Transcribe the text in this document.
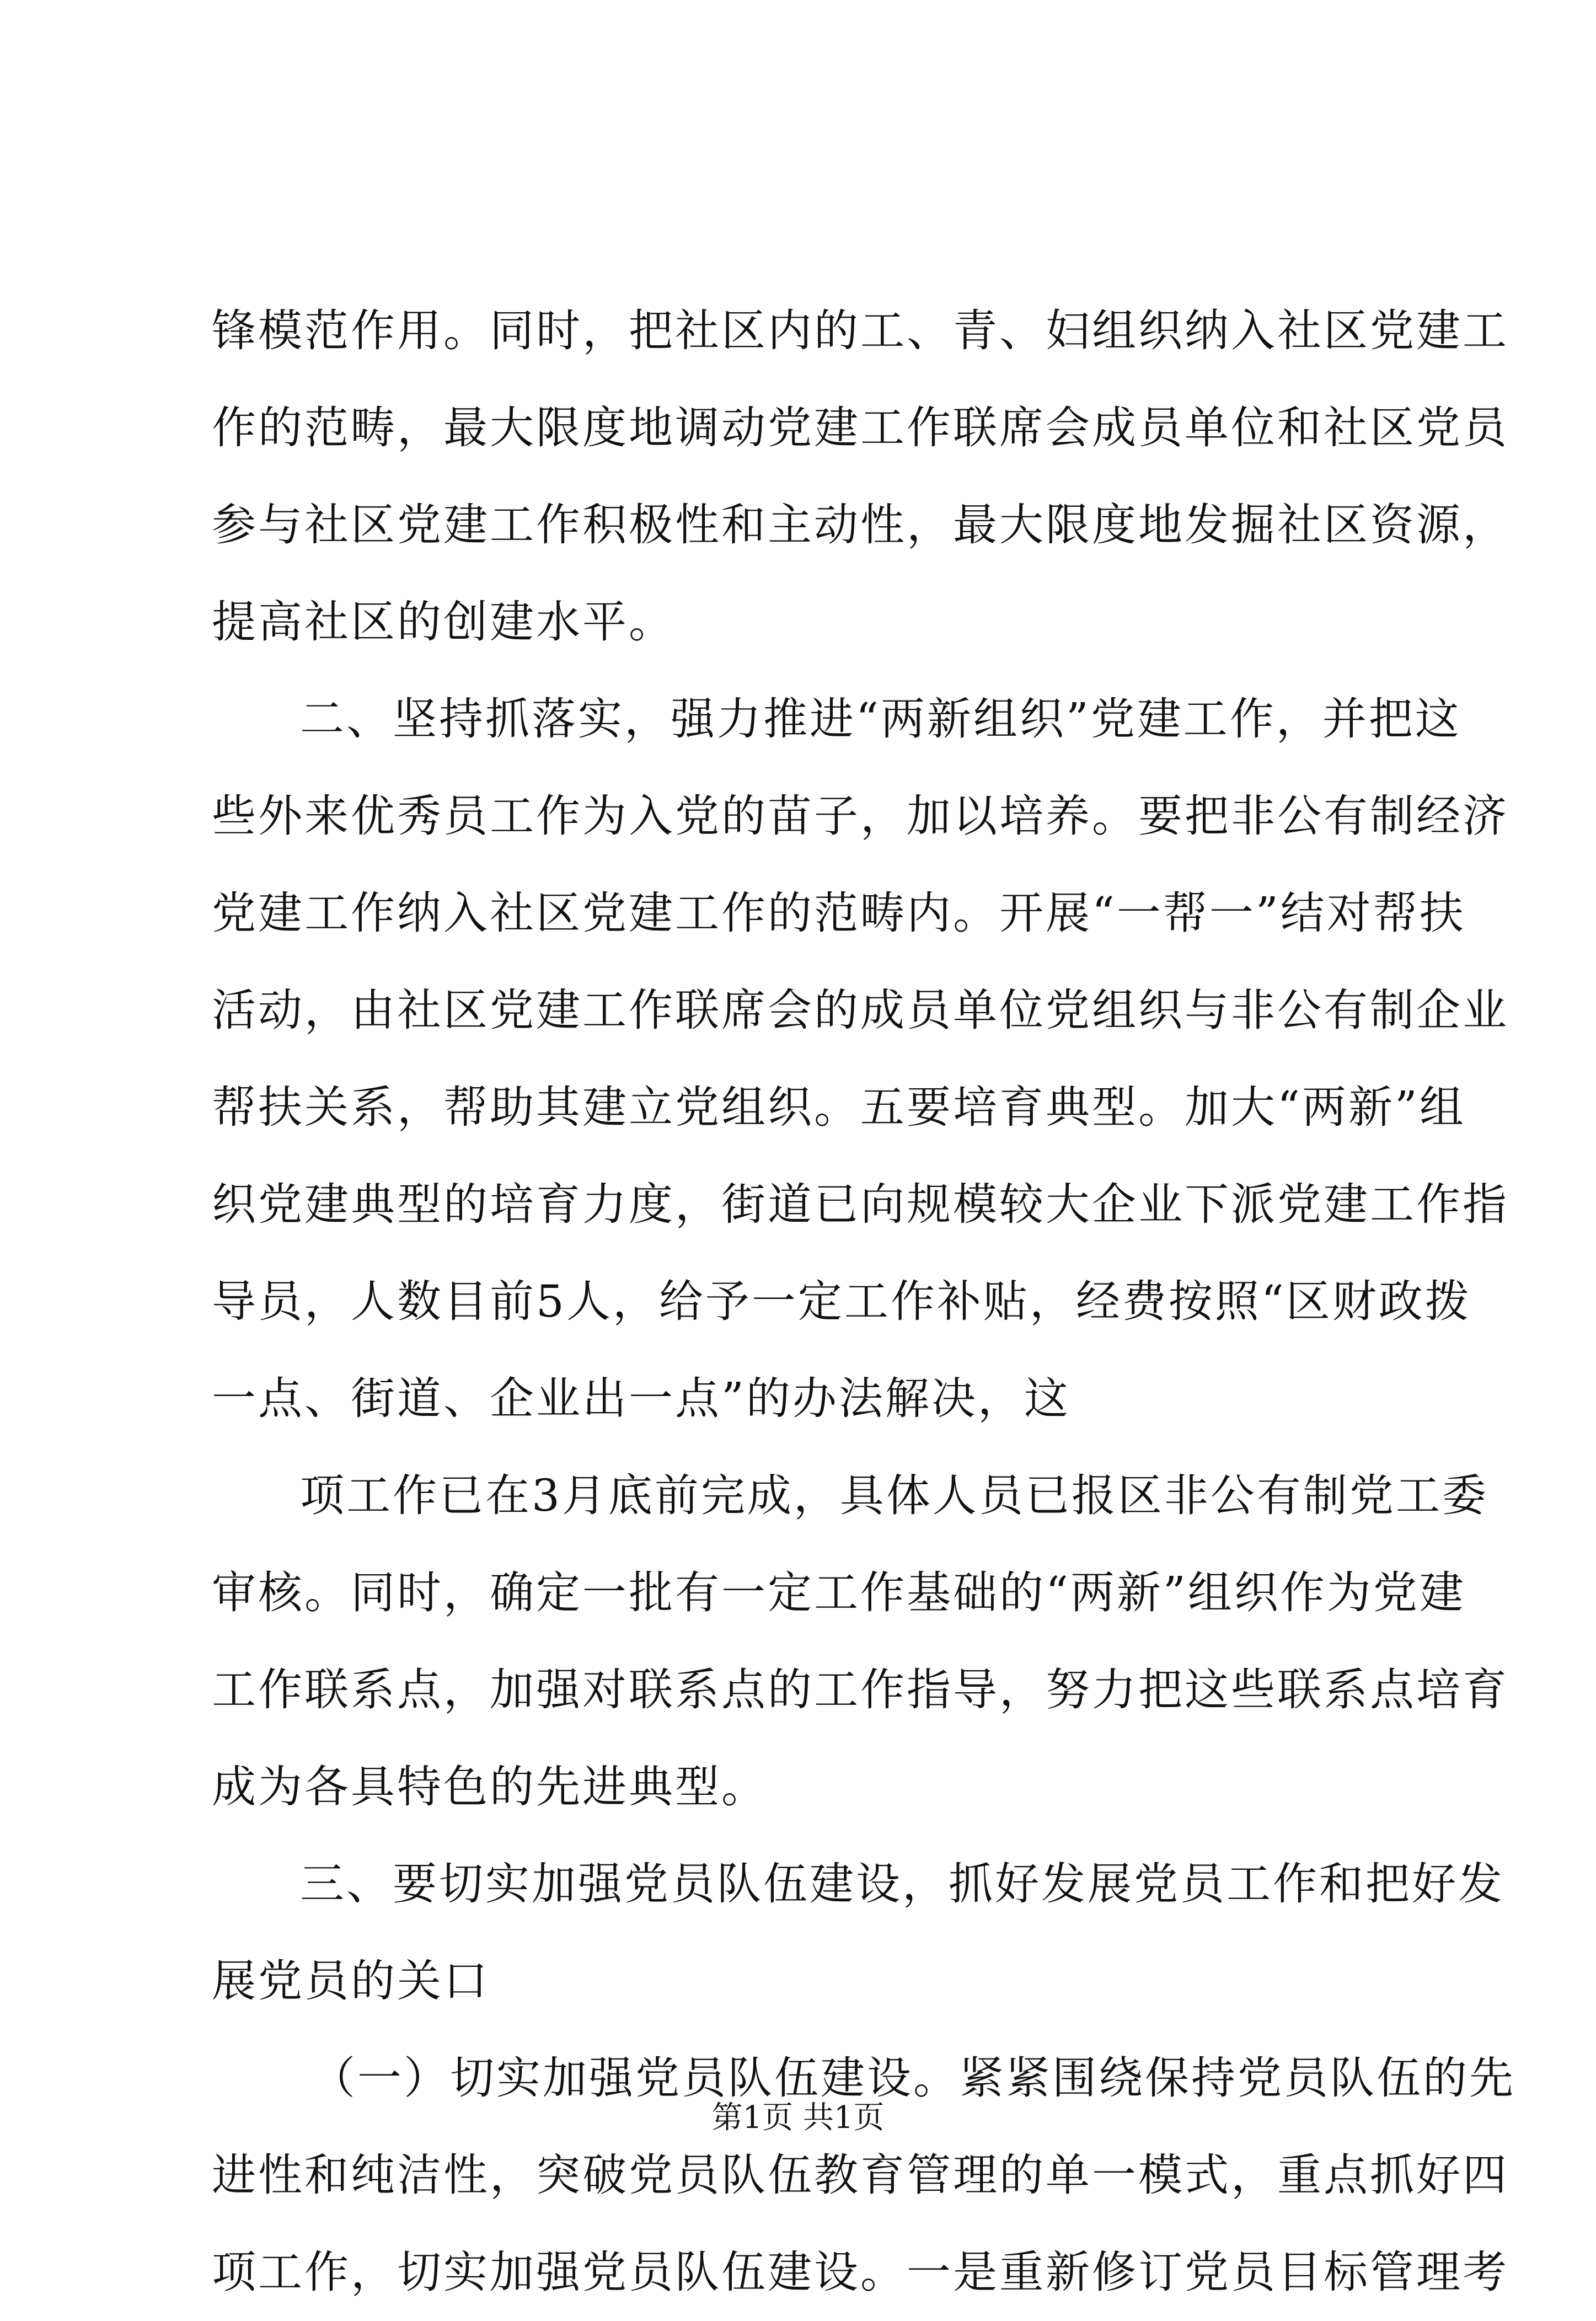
锋模范作用。同时，把社区内的工、青、妇组织纳入社区党建工
作的范畴，最大限度地调动党建工作联席会成员单位和社区党员
参与社区党建工作积极性和主动性，最大限度地发掘社区资源，
提高社区的创建水平。
二、坚持抓落实，强力推进“两新组织”党建工作，并把这
些外来优秀员工作为入党的苗子，加以培养。要把非公有制经济
党建工作纳入社区党建工作的范畴内。开展“一帮一”结对帮扶
活动，由社区党建工作联席会的成员单位党组织与非公有制企业
帮扶关系，帮助其建立党组织。五要培育典型。加大“两新”组
织党建典型的培育力度，街道已向规模较大企业下派党建工作指
导员，人数目前5人，给予一定工作补贴，经费按照“区财政拨
一点、街道、企业出一点”的办法解决，这
项工作已在3月底前完成，具体人员已报区非公有制党工委
审核。同时，确定一批有一定工作基础的“两新”组织作为党建
工作联系点，加强对联系点的工作指导，努力把这些联系点培育
成为各具特色的先进典型。
三、要切实加强党员队伍建设，抓好发展党员工作和把好发
展党员的关口
（一）切实加强党员队伍建设。紧紧围绕保持党员队伍的先
进性和纯洁性，突破党员队伍教育管理的单一模式，重点抓好四
项工作，切实加强党员队伍建设。一是重新修订党员目标管理考
第1页 共1页
